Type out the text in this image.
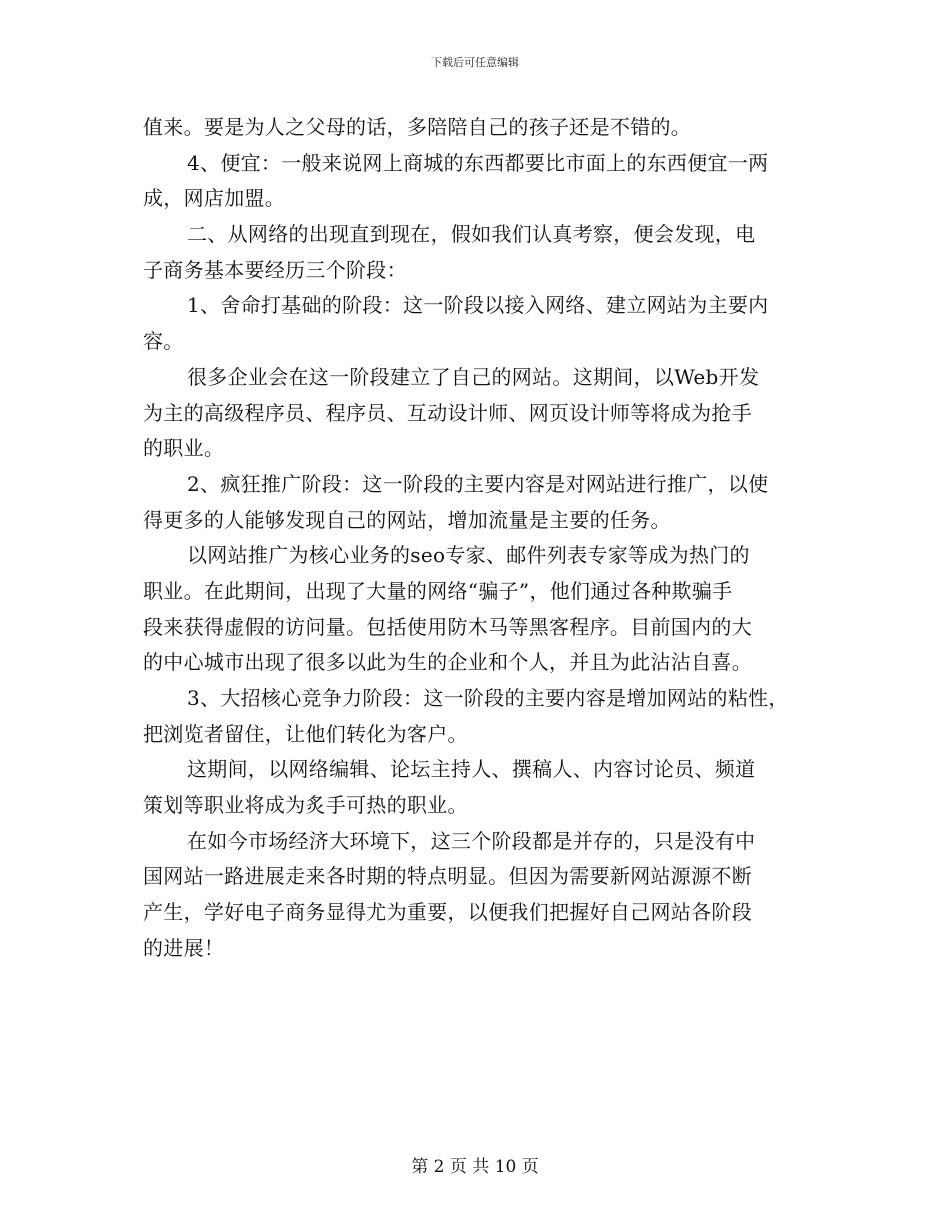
下载后可任意编辑
值来。要是为人之父母的话，多陪陪自己的孩子还是不错的。
4、便宜：一般来说网上商城的东西都要比市面上的东西便宜一两
成，网店加盟。
二、从网络的出现直到现在，假如我们认真考察，便会发现，电
子商务基本要经历三个阶段：
1、舍命打基础的阶段：这一阶段以接入网络、建立网站为主要内
容。
很多企业会在这一阶段建立了自己的网站。这期间，以Web开发
为主的高级程序员、程序员、互动设计师、网页设计师等将成为抢手
的职业。
2、疯狂推广阶段：这一阶段的主要内容是对网站进行推广，以使
得更多的人能够发现自己的网站，增加流量是主要的任务。
以网站推广为核心业务的seo专家、邮件列表专家等成为热门的
职业。在此期间，出现了大量的网络“骗子”，他们通过各种欺骗手
段来获得虚假的访问量。包括使用防木马等黑客程序。目前国内的大
的中心城市出现了很多以此为生的企业和个人，并且为此沾沾自喜。
3、大招核心竞争力阶段：这一阶段的主要内容是增加网站的粘性，
把浏览者留住，让他们转化为客户。
这期间，以网络编辑、论坛主持人、撰稿人、内容讨论员、频道
策划等职业将成为炙手可热的职业。
在如今市场经济大环境下，这三个阶段都是并存的，只是没有中
国网站一路进展走来各时期的特点明显。但因为需要新网站源源不断
产生，学好电子商务显得尤为重要，以便我们把握好自己网站各阶段
的进展！
第 2 页 共 10 页
